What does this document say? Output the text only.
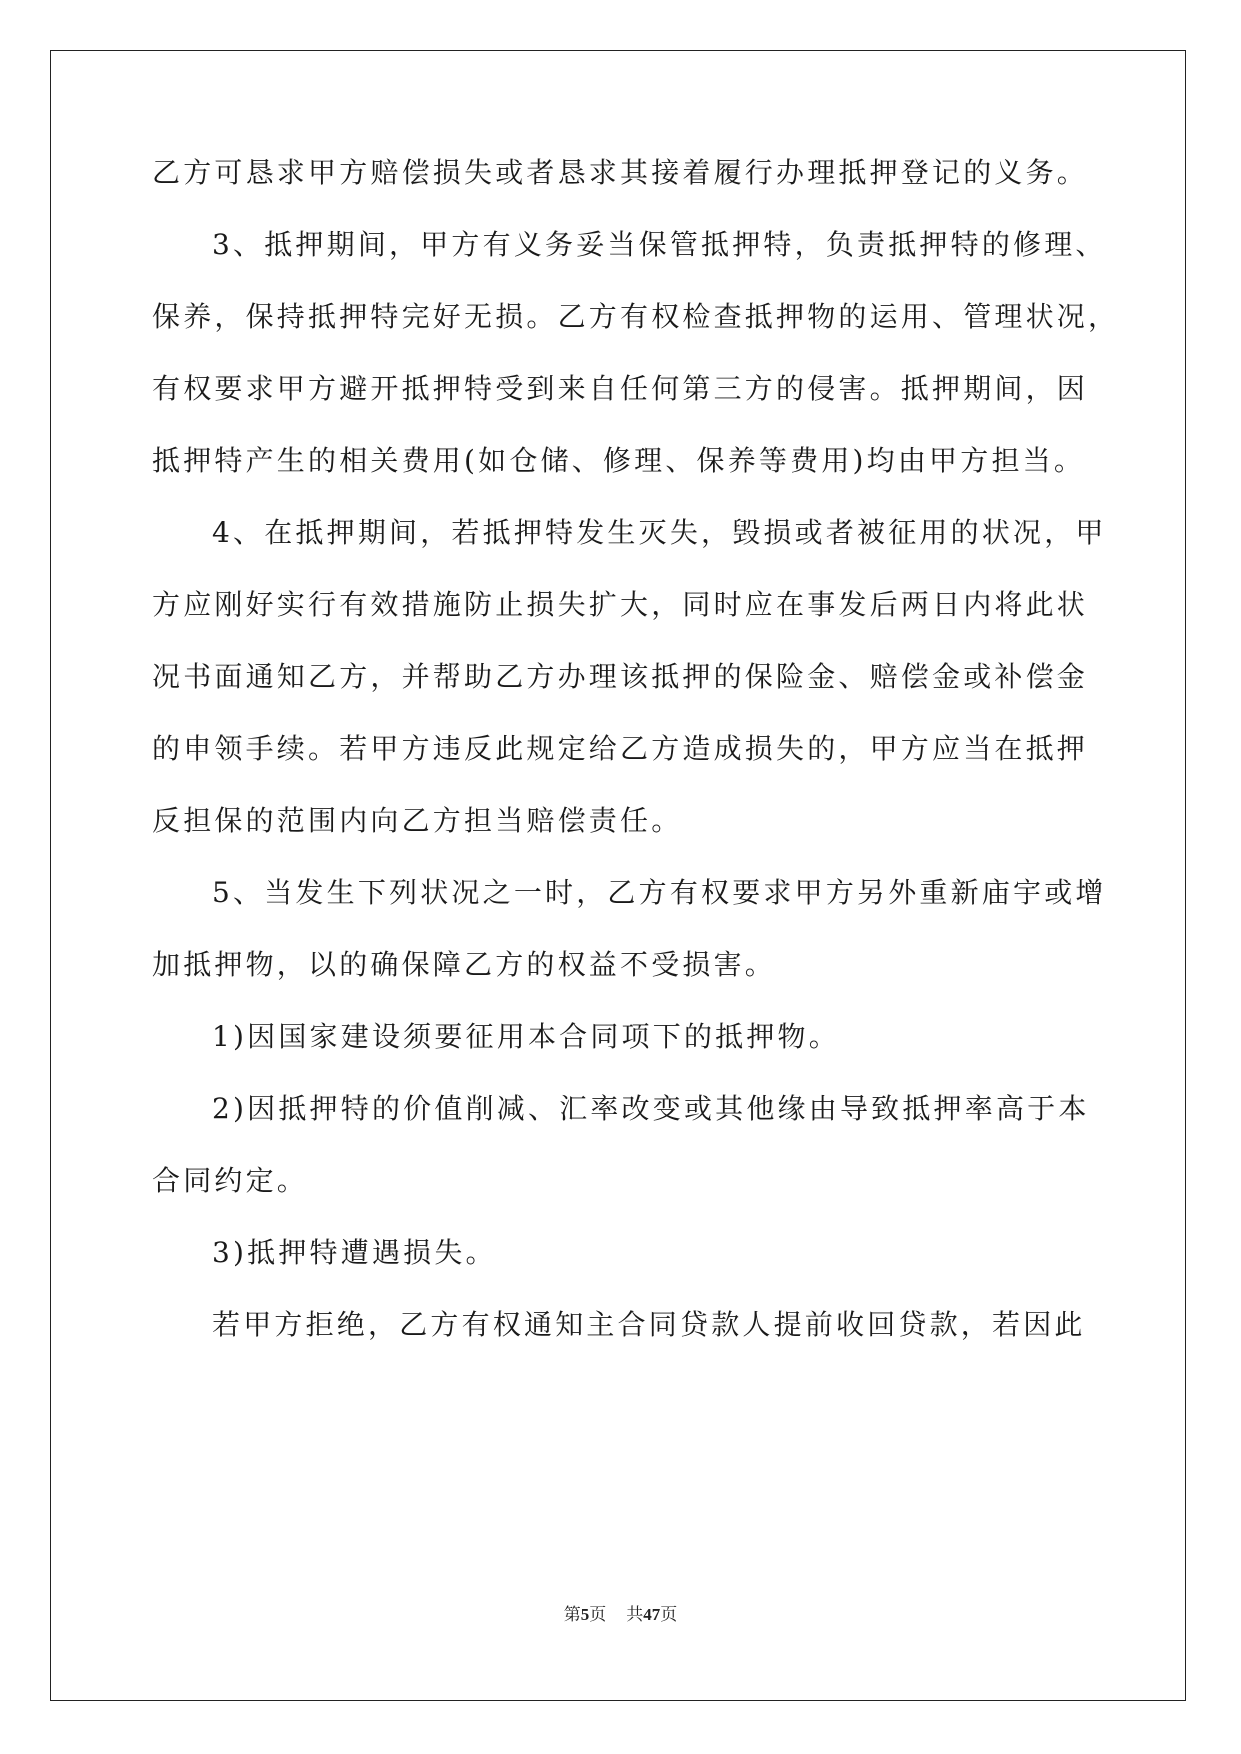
乙方可恳求甲方赔偿损失或者恳求其接着履行办理抵押登记的义务。
3、抵押期间，甲方有义务妥当保管抵押特，负责抵押特的修理、
保养，保持抵押特完好无损。乙方有权检查抵押物的运用、管理状况，
有权要求甲方避开抵押特受到来自任何第三方的侵害。抵押期间，因
抵押特产生的相关费用(如仓储、修理、保养等费用)均由甲方担当。
4、在抵押期间，若抵押特发生灭失，毁损或者被征用的状况，甲
方应刚好实行有效措施防止损失扩大，同时应在事发后两日内将此状
况书面通知乙方，并帮助乙方办理该抵押的保险金、赔偿金或补偿金
的申领手续。若甲方违反此规定给乙方造成损失的，甲方应当在抵押
反担保的范围内向乙方担当赔偿责任。
5、当发生下列状况之一时，乙方有权要求甲方另外重新庙宇或增
加抵押物，以的确保障乙方的权益不受损害。
1)因国家建设须要征用本合同项下的抵押物。
2)因抵押特的价值削减、汇率改变或其他缘由导致抵押率高于本
合同约定。
3)抵押特遭遇损失。
若甲方拒绝，乙方有权通知主合同贷款人提前收回贷款，若因此
第5页 共47页
